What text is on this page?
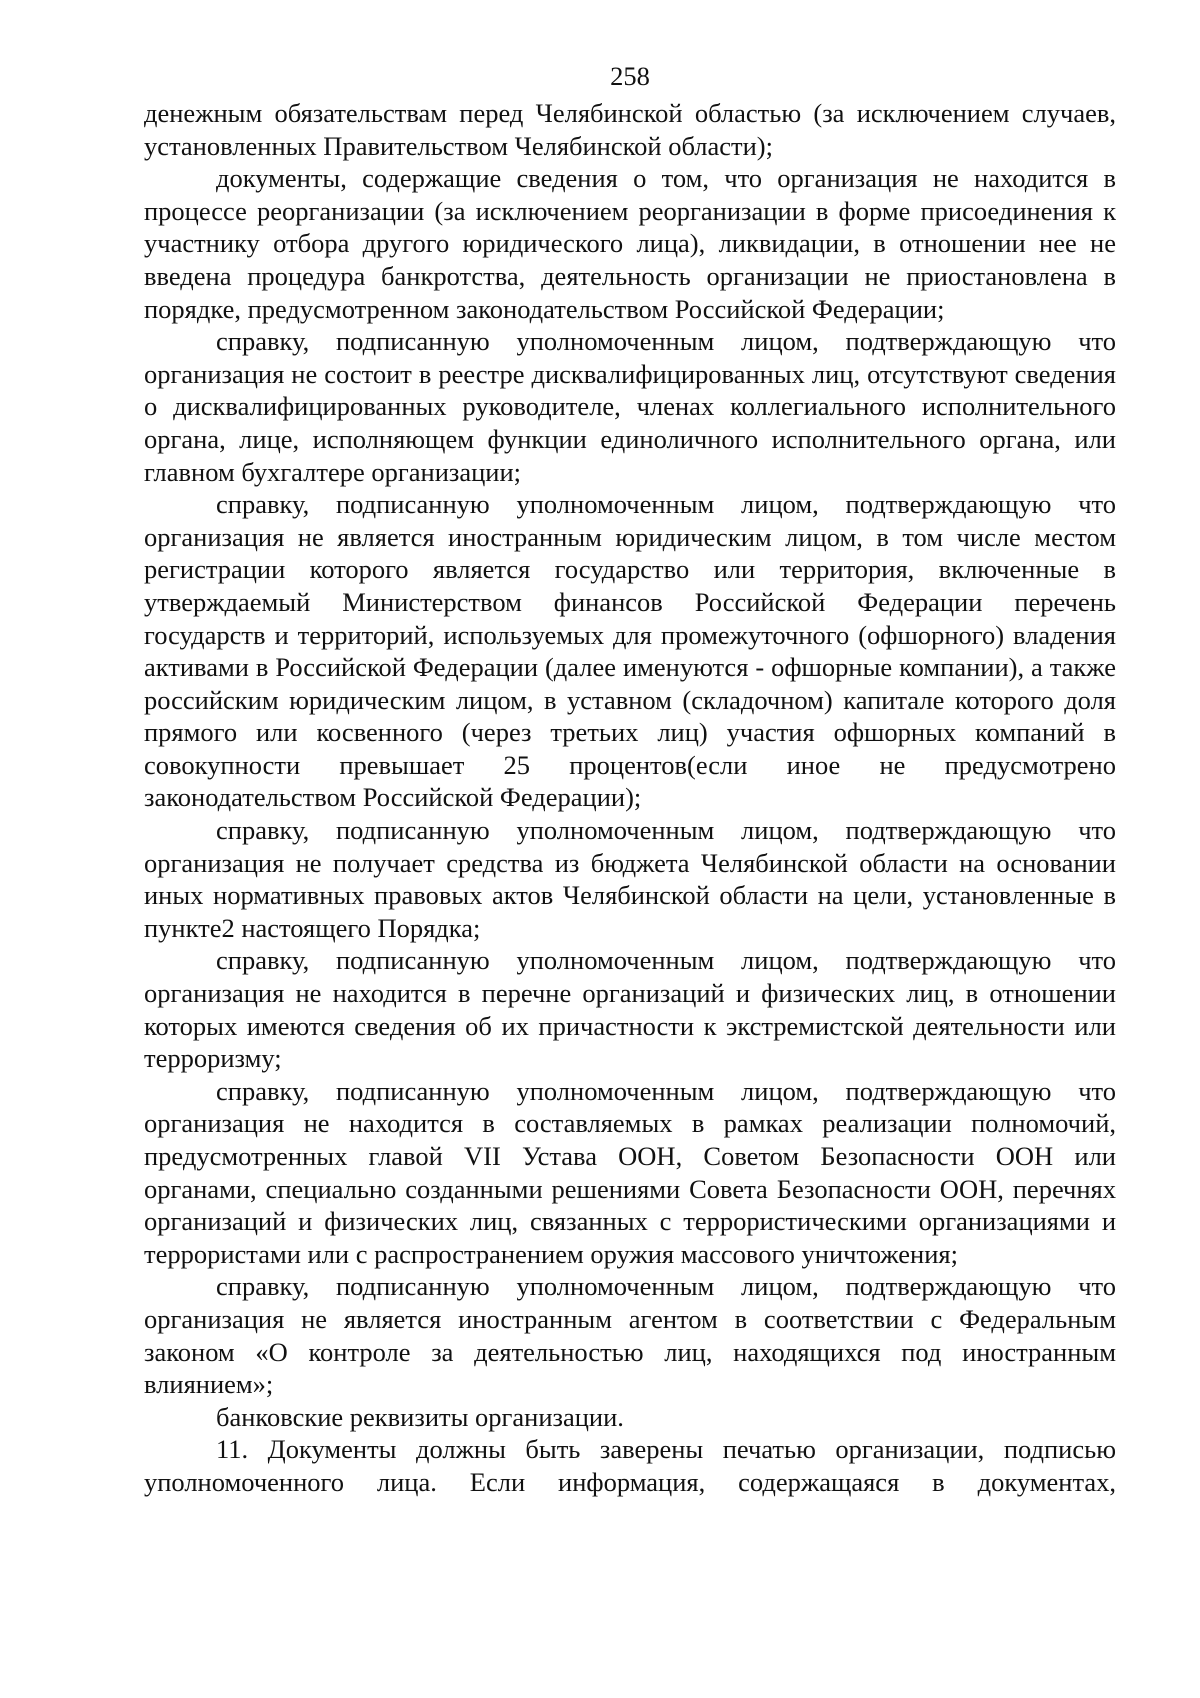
258

денежным обязательствам перед Челябинской областью (за исключением случаев, установленных Правительством Челябинской области);

документы, содержащие сведения о том, что организация не находится в процессе реорганизации (за исключением реорганизации в форме присоединения к участнику отбора другого юридического лица), ликвидации, в отношении нее не введена процедура банкротства, деятельность организации не приостановлена в порядке, предусмотренном законодательством Российской Федерации;

справку, подписанную уполномоченным лицом, подтверждающую что организация не состоит в реестре дисквалифицированных лиц, отсутствуют сведения о дисквалифицированных руководителе, членах коллегиального исполнительного органа, лице, исполняющем функции единоличного исполнительного органа, или главном бухгалтере организации;

справку, подписанную уполномоченным лицом, подтверждающую что организация не является иностранным юридическим лицом, в том числе местом регистрации которого является государство или территория, включенные в утверждаемый Министерством финансов Российской Федерации перечень государств и территорий, используемых для промежуточного (офшорного) владения активами в Российской Федерации (далее именуются - офшорные компании), а также российским юридическим лицом, в уставном (складочном) капитале которого доля прямого или косвенного (через третьих лиц) участия офшорных компаний в совокупности превышает 25 процентов(если иное не предусмотрено законодательством Российской Федерации);

справку, подписанную уполномоченным лицом, подтверждающую что организация не получает средства из бюджета Челябинской области на основании иных нормативных правовых актов Челябинской области на цели, установленные в пункте2 настоящего Порядка;

справку, подписанную уполномоченным лицом, подтверждающую что организация не находится в перечне организаций и физических лиц, в отношении которых имеются сведения об их причастности к экстремистской деятельности или терроризму;

справку, подписанную уполномоченным лицом, подтверждающую что организация не находится в составляемых в рамках реализации полномочий, предусмотренных главой VII Устава ООН, Советом Безопасности ООН или органами, специально созданными решениями Совета Безопасности ООН, перечнях организаций и физических лиц, связанных с террористическими организациями и террористами или с распространением оружия массового уничтожения;

справку, подписанную уполномоченным лицом, подтверждающую что организация не является иностранным агентом в соответствии с Федеральным законом «О контроле за деятельностью лиц, находящихся под иностранным влиянием»;

банковские реквизиты организации.

11. Документы должны быть заверены печатью организации, подписью уполномоченного лица. Если информация, содержащаяся в документах,
